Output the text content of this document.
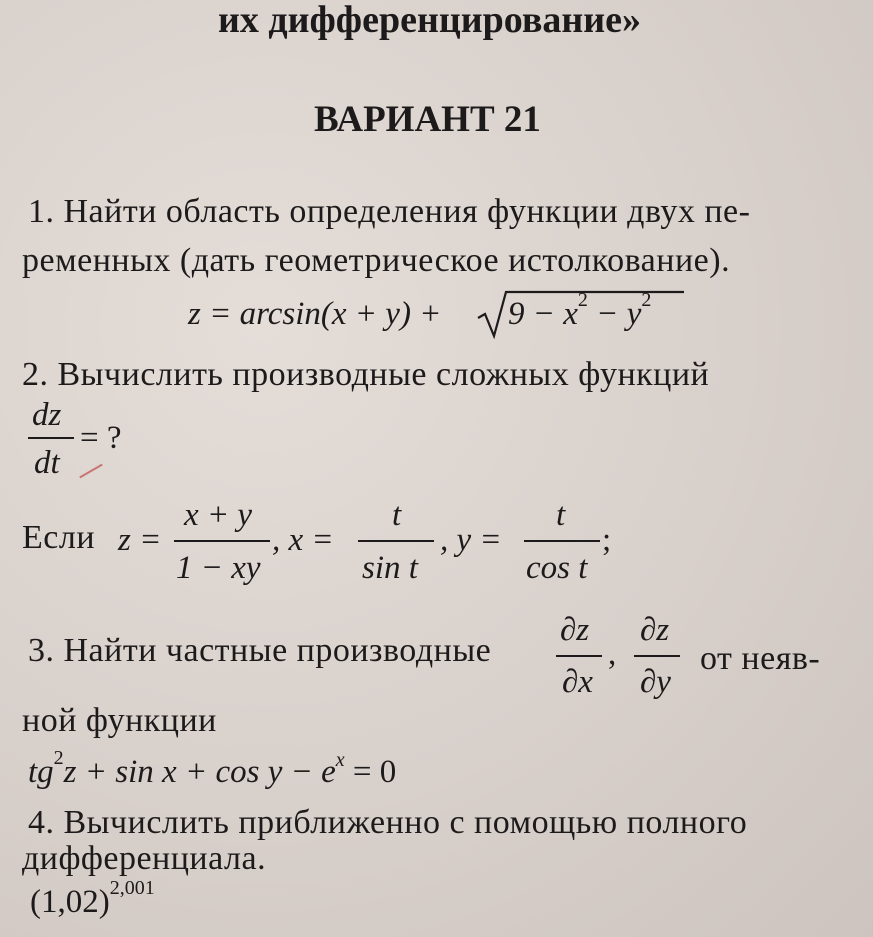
их дифференцирование»
ВАРИАНТ 21
1. Найти область определения функции двух пе-
ременных (дать геометрическое истолкование).
$z = \arcsin(x + y) + 9 - x^2 - y^2$
2. Вычислить производные сложных функций
dz
dt
= ?
Если z =
x + y
1 − xy
, x =
t
sin t
, y =
t
cos t
;
3. Найти частные производные
∂z
∂x
,
∂z
∂y
от неяв-
ной функции
$tg^2z + \sin x + \cos y - e^x = 0$
4. Вычислить приближенно с помощью полного
дифференциала.
$(1,02)^{2,001}$
